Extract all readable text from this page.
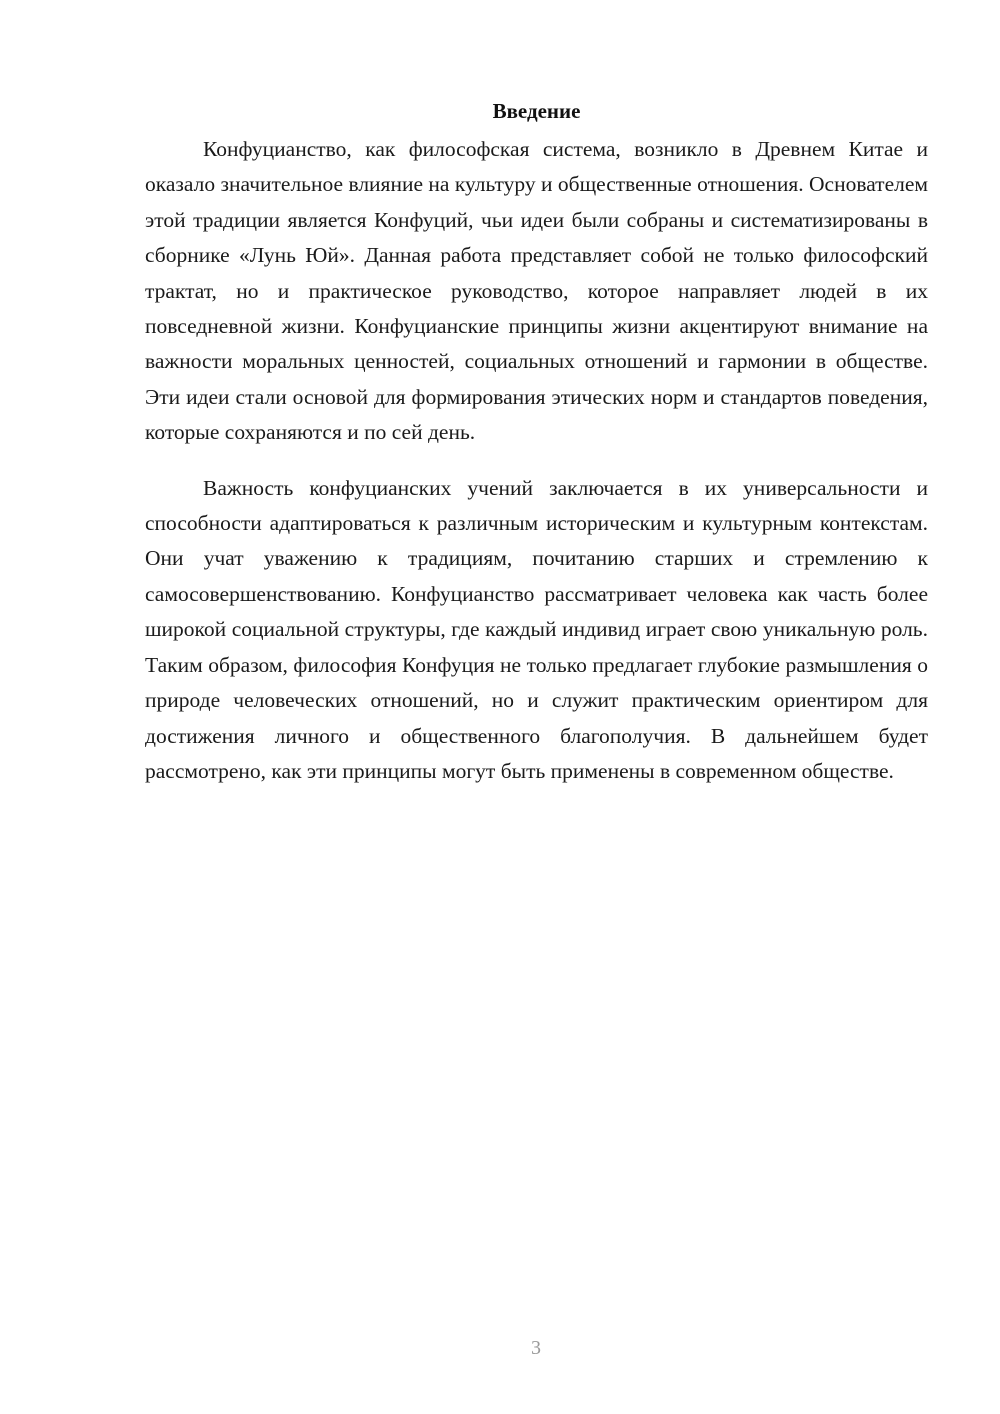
Введение

Конфуцианство, как философская система, возникло в Древнем Китае и оказало значительное влияние на культуру и общественные отношения. Основателем этой традиции является Конфуций, чьи идеи были собраны и систематизированы в сборнике «Лунь Юй». Данная работа представляет собой не только философский трактат, но и практическое руководство, которое направляет людей в их повседневной жизни. Конфуцианские принципы жизни акцентируют внимание на важности моральных ценностей, социальных отношений и гармонии в обществе. Эти идеи стали основой для формирования этических норм и стандартов поведения, которые сохраняются и по сей день.

Важность конфуцианских учений заключается в их универсальности и способности адаптироваться к различным историческим и культурным контекстам. Они учат уважению к традициям, почитанию старших и стремлению к самосовершенствованию. Конфуцианство рассматривает человека как часть более широкой социальной структуры, где каждый индивид играет свою уникальную роль. Таким образом, философия Конфуция не только предлагает глубокие размышления о природе человеческих отношений, но и служит практическим ориентиром для достижения личного и общественного благополучия. В дальнейшем будет рассмотрено, как эти принципы могут быть применены в современном обществе.

3
